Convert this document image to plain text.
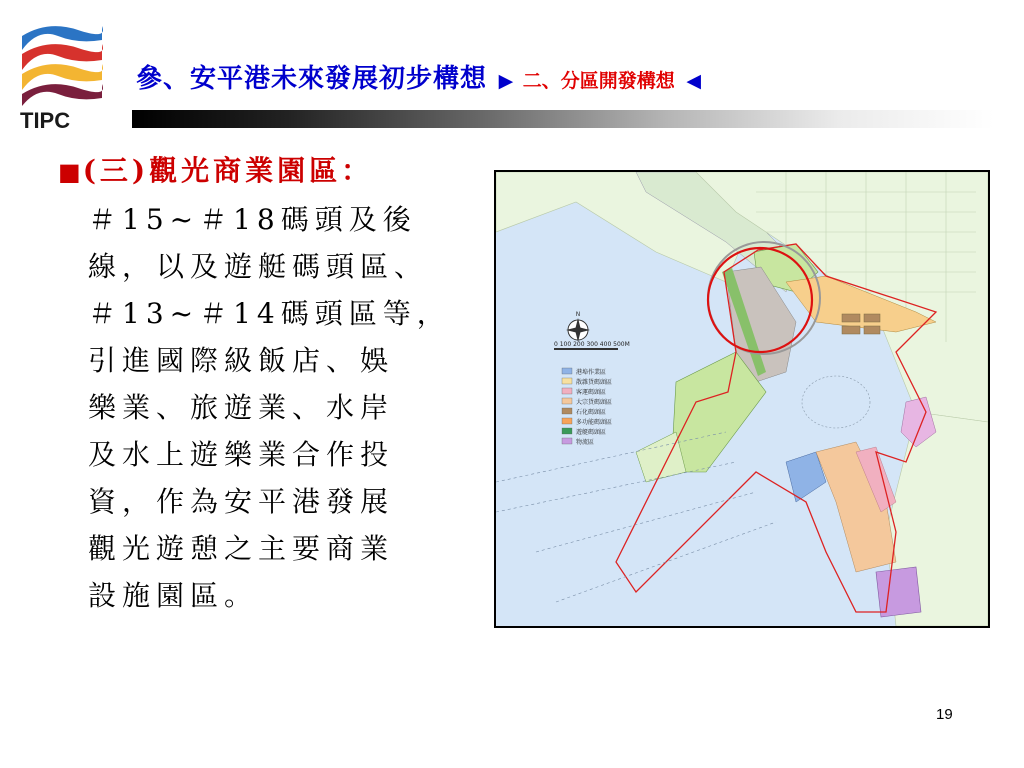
TIPC
參、安平港未來發展初步構想 ▶ 二、分區開發構想 ◀
■(三)觀光商業園區：
＃15~＃18碼頭及後
線，以及遊艇碼頭區、
＃13~＃14碼頭區等，
引進國際級飯店、娛
樂業、旅遊業、水岸
及水上遊樂業合作投
資，作為安平港發展
觀光遊憩之主要商業
設施園區。
N
0 100 200 300 400 500M
港埠作業區
散雜貨碼頭區
客運碼頭區
大宗貨碼頭區
石化碼頭區
多功能碼頭區
遊艇碼頭區
物流區
19
